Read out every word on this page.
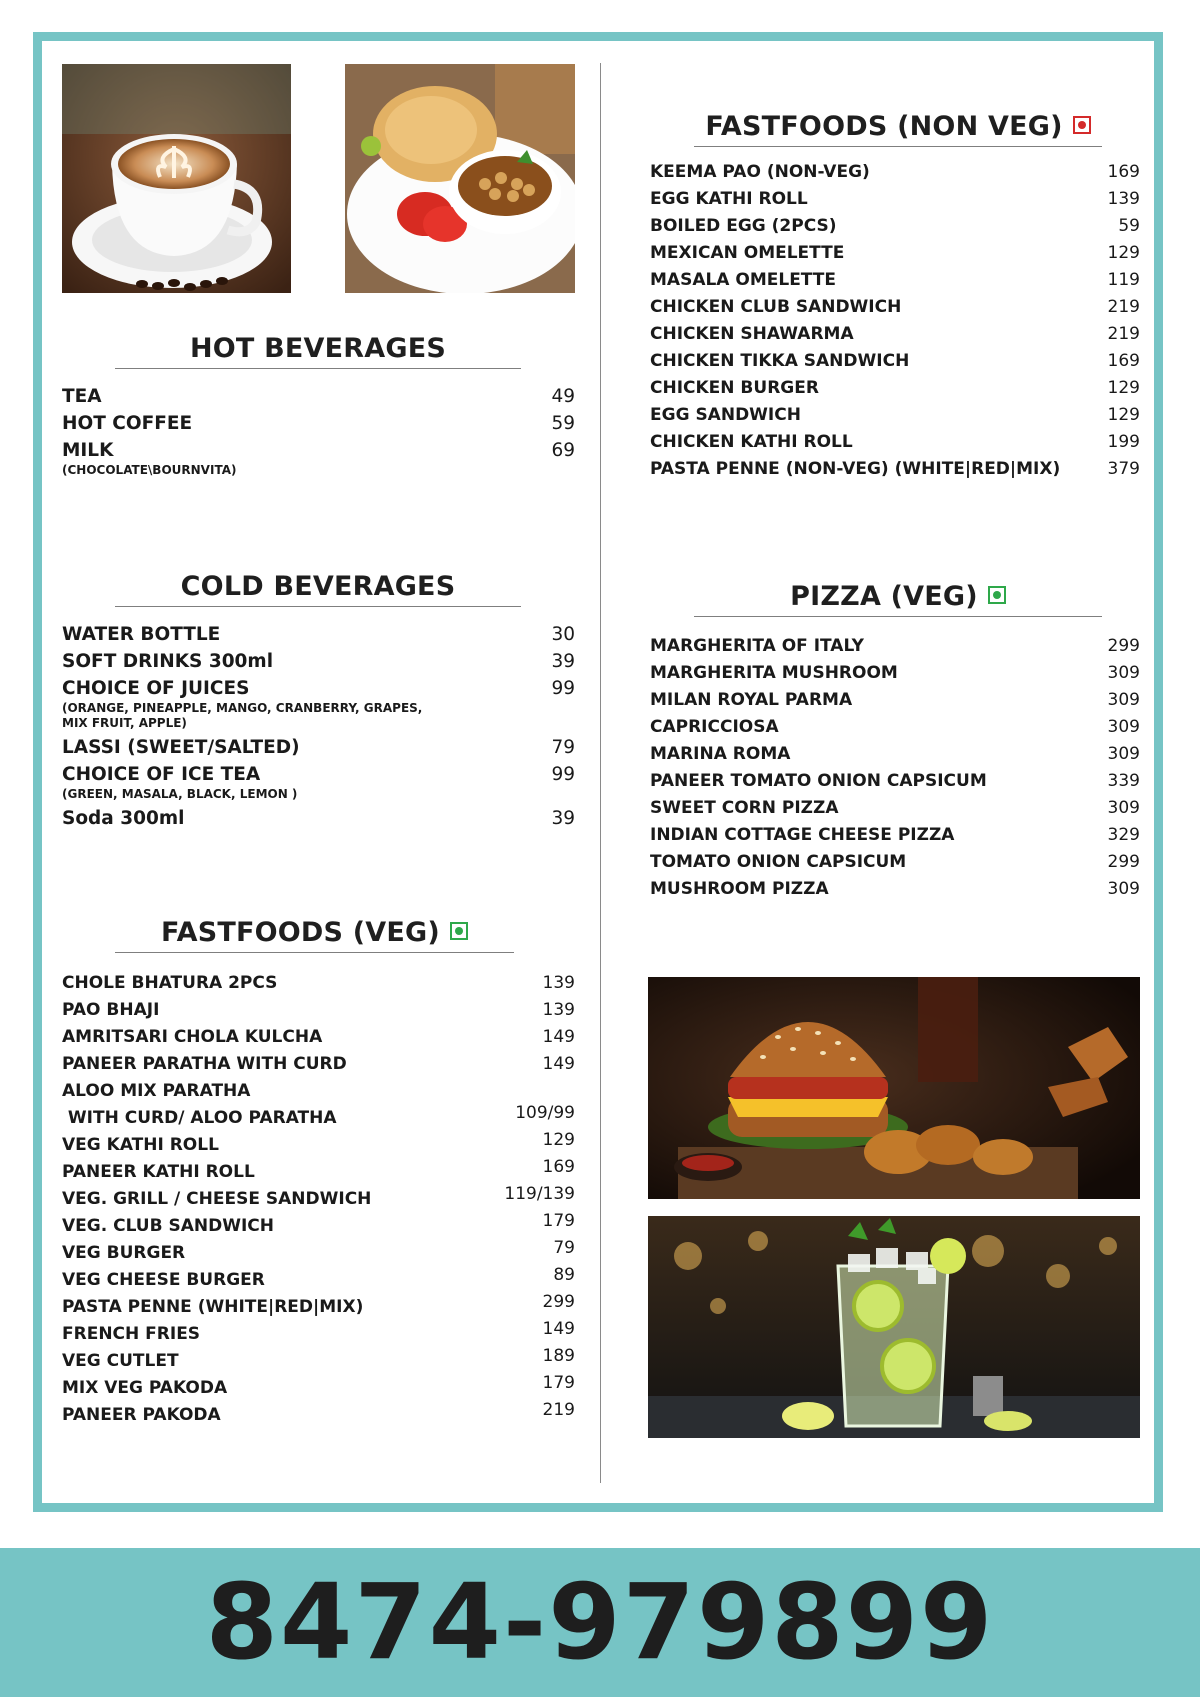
HOT BEVERAGES
TEA	49
HOT COFFEE	59
MILK	69
(CHOCOLATE\BOURNVITA)
COLD BEVERAGES
WATER BOTTLE	30
SOFT DRINKS 300ml	39
CHOICE OF JUICES	99
(ORANGE, PINEAPPLE, MANGO, CRANBERRY, GRAPES,
MIX FRUIT, APPLE)
LASSI (SWEET/SALTED)	79
CHOICE OF ICE TEA	99
(GREEN, MASALA, BLACK, LEMON )
Soda 300ml	39
FASTFOODS (VEG)
CHOLE BHATURA 2PCS	139
PAO BHAJI	139
AMRITSARI CHOLA KULCHA	149
PANEER PARATHA WITH CURD	149
ALOO MIX PARATHA
WITH CURD/ ALOO PARATHA	109/99
VEG KATHI ROLL	129
PANEER KATHI ROLL	169
VEG. GRILL / CHEESE SANDWICH	119/139
VEG. CLUB SANDWICH	179
VEG BURGER	79
VEG CHEESE BURGER	89
PASTA PENNE (WHITE|RED|MIX)	299
FRENCH FRIES	149
VEG CUTLET	189
MIX VEG PAKODA	179
PANEER PAKODA	219
FASTFOODS (NON VEG)
KEEMA PAO (NON-VEG)	169
EGG KATHI ROLL	139
BOILED EGG (2PCS)	59
MEXICAN OMELETTE	129
MASALA OMELETTE	119
CHICKEN CLUB SANDWICH	219
CHICKEN SHAWARMA	219
CHICKEN TIKKA SANDWICH	169
CHICKEN BURGER	129
EGG SANDWICH	129
CHICKEN KATHI ROLL	199
PASTA PENNE (NON-VEG) (WHITE|RED|MIX)	379
PIZZA (VEG)
MARGHERITA OF ITALY	299
MARGHERITA MUSHROOM	309
MILAN ROYAL PARMA	309
CAPRICCIOSA	309
MARINA ROMA	309
PANEER TOMATO ONION CAPSICUM	339
SWEET CORN PIZZA	309
INDIAN COTTAGE CHEESE PIZZA	329
TOMATO ONION CAPSICUM	299
MUSHROOM PIZZA	309
8474-979899
